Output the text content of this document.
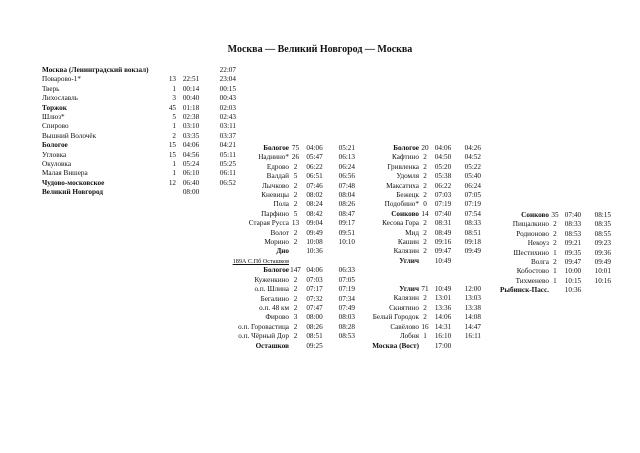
Москва — Великий Новгород — Москва
Москва (Ленинградский вокзал)			22:07
Поварово-1*	13	22:51	23:04
Тверь	1	00:14	00:15
Лихославль	3	00:40	00:43
Торжок	45	01:18	02:03
Шлюз*	5	02:38	02:43
Спирово	1	03:10	03:11
Вышний Волочёк	2	03:35	03:37
Бологое	15	04:06	04:21
Угловка	15	04:56	05:11
Окуловка	1	05:24	05:25
Малая Вишера	1	06:10	06:11
Чудово-московское	12	06:40	06:52
Великий Новгород		08:00	
Бологое	75	04:06	05:21
Наднино*	26	05:47	06:13
Едрово	2	06:22	06:24
Валдай	5	06:51	06:56
Лычково	2	07:46	07:48
Кневицы	2	08:02	08:04
Пола	2	08:24	08:26
Парфино	5	08:42	08:47
Старая Русса	13	09:04	09:17
Волот	2	09:49	09:51
Морино	2	10:08	10:10
Дно		10:36	
189А С.Пб Осташков			
Бологое	147	04:06	06:33
Куженкино	2	07:03	07:05
о.п. Шлина	2	07:17	07:19
Бегалино	2	07:32	07:34
о.п. 48 км	2	07:47	07:49
Фирово	3	08:00	08:03
о.п. Горовастица	2	08:26	08:28
о.п. Чёрный Дор	2	08:51	08:53
Осташков		09:25	
Бологое	20	04:06	04:26
Кафтино	2	04:50	04:52
Гривленка	2	05:20	05:22
Удомля	2	05:38	05:40
Максатиха	2	06:22	06:24
Бежецк	2	07:03	07:05
Подобино*	0	07:19	07:19
Сонково	14	07:40	07:54
Кесова Гора	2	08:31	08:33
Мид	2	08:49	08:51
Кашин	2	09:16	09:18
Калязин	2	09:47	09:49
Углич		10:49	

Углич	71	10:49	12:00
Калязин	2	13:01	13:03
Скнятино	2	13:36	13:38
Белый Городок	2	14:06	14:08
Савёлово	16	14:31	14:47
Лобня	1	16:10	16:11
Москва (Вост)		17:00	
Сонково	35	07:40	08:15
Пищалкино	2	08:33	08:35
Родионово	2	08:53	08:55
Некоуз	2	09:21	09:23
Шестихино	1	09:35	09:36
Волга	2	09:47	09:49
Кобостово	1	10:00	10:01
Тихменево	1	10:15	10:16
Рыбинск-Пасс.		10:36	
